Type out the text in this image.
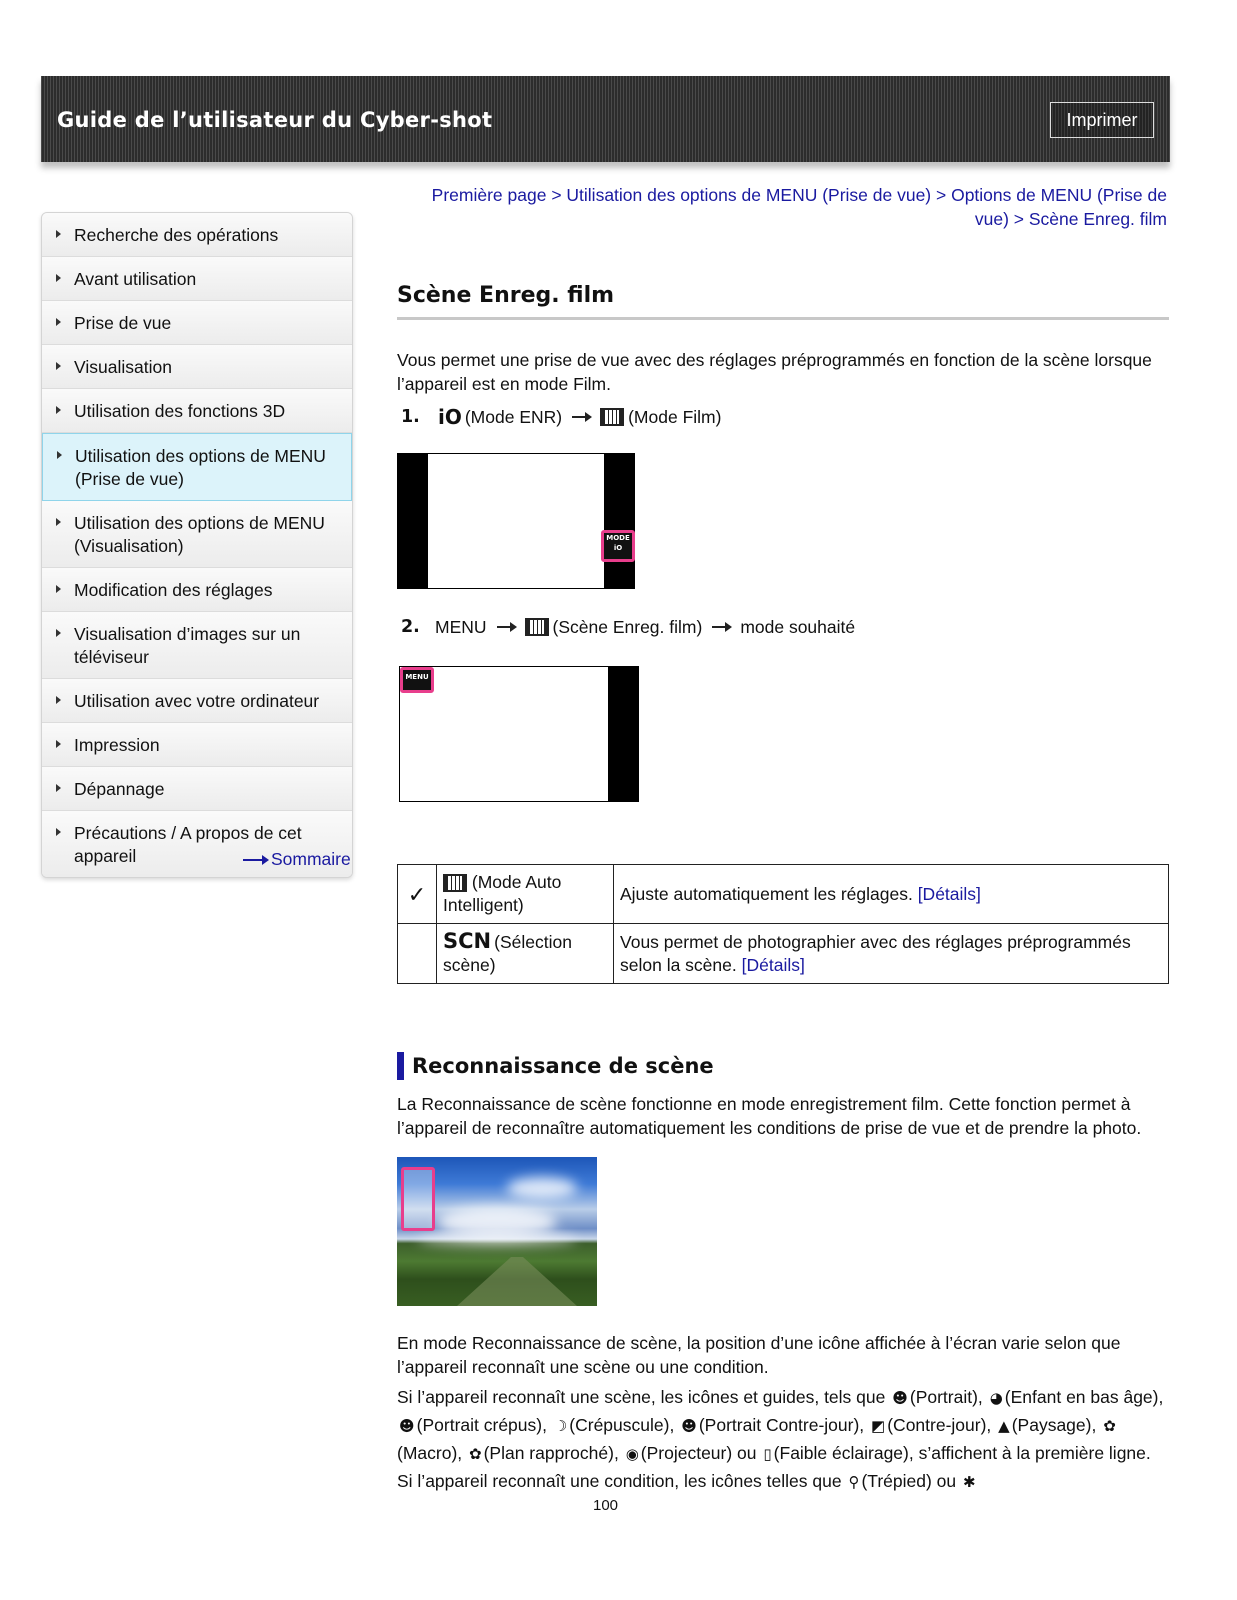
Guide de l’utilisateur du Cyber-shot	Imprimer
Recherche des opérations
Avant utilisation
Prise de vue
Visualisation
Utilisation des fonctions 3D
Utilisation des options de MENU (Prise de vue)
Utilisation des options de MENU (Visualisation)
Modification des réglages
Visualisation d’images sur un téléviseur
Utilisation avec votre ordinateur
Impression
Dépannage
Précautions / A propos de cet appareil	Sommaire
Première page > Utilisation des options de MENU (Prise de vue) > Options de MENU (Prise de vue) > Scène Enreg. film
Scène Enreg. film
Vous permet une prise de vue avec des réglages préprogrammés en fonction de la scène lorsque l’appareil est en mode Film.
1. iO (Mode ENR)	(Mode Film)
MODE
iO
2. MENU	(Scène Enreg. film) mode souhaité
MENU
✓	(Mode Auto Intelligent)	Ajuste automatiquement les réglages. [Détails]
	SCN (Sélection scène)	Vous permet de photographier avec des réglages préprogrammés selon la scène. [Détails]
Reconnaissance de scène
La Reconnaissance de scène fonctionne en mode enregistrement film. Cette fonction permet à l’appareil de reconnaître automatiquement les conditions de prise de vue et de prendre la photo.
En mode Reconnaissance de scène, la position d’une icône affichée à l’écran varie selon que l’appareil reconnaît une scène ou une condition.
Si l’appareil reconnaît une scène, les icônes et guides, tels que ☻ (Portrait), ◕ (Enfant en bas âge), ☻ (Portrait crépus), ☽ (Crépuscule), ☻ (Portrait Contre-jour), ◩ (Contre-jour), ▲ (Paysage), ✿(Macro), ✿ (Plan rapproché), ◉ (Projecteur) ou ▯ (Faible éclairage), s’affichent à la première ligne. Si l’appareil reconnaît une condition, les icônes telles que ⚲ (Trépied) ou ✱
100
